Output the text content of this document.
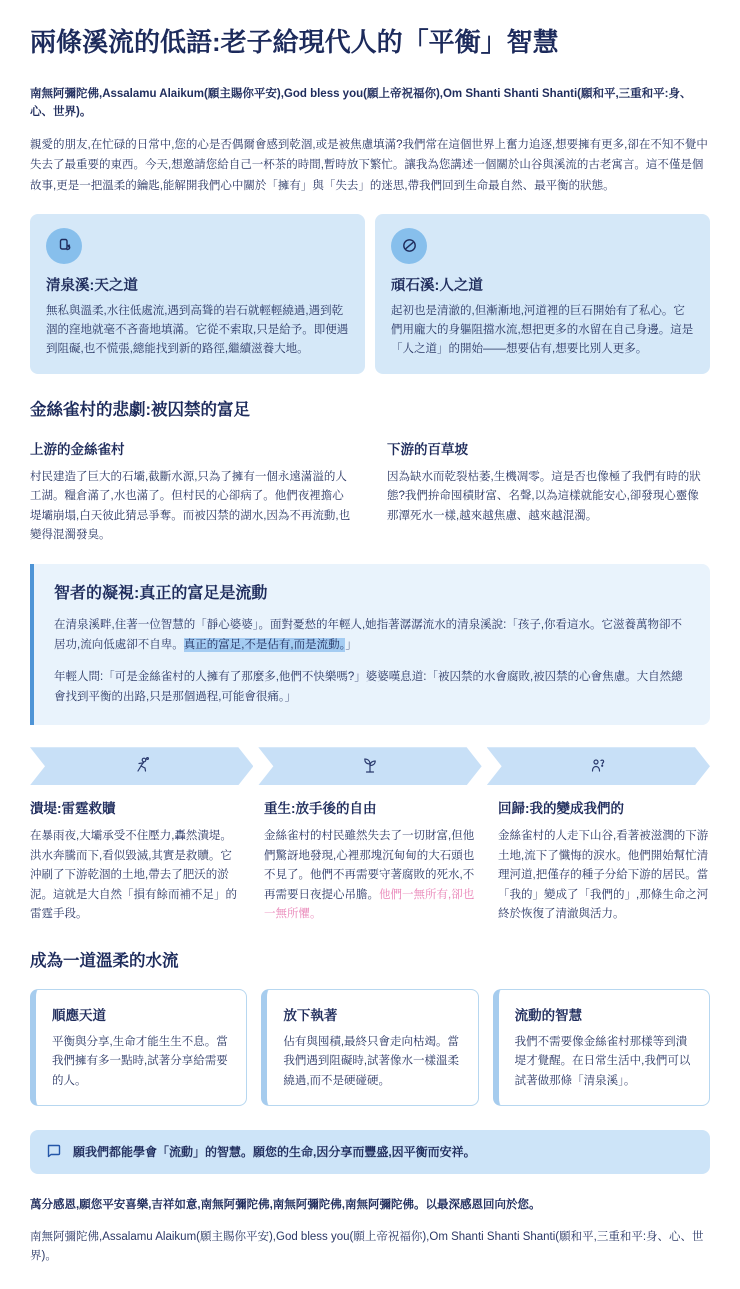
兩條溪流的低語:老子給現代人的「平衡」智慧

南無阿彌陀佛,Assalamu Alaikum(願主賜你平安),God bless you(願上帝祝福你),Om Shanti Shanti Shanti(願和平,三重和平:身、心、世界)。

親愛的朋友,在忙碌的日常中,您的心是否偶爾會感到乾涸,或是被焦慮填滿?我們常在這個世界上奮力追逐,想要擁有更多,卻在不知不覺中失去了最重要的東西。今天,想邀請您給自己一杯茶的時間,暫時放下繁忙。讓我為您講述一個關於山谷與溪流的古老寓言。這不僅是個故事,更是一把溫柔的鑰匙,能解開我們心中關於「擁有」與「失去」的迷思,帶我們回到生命最自然、最平衡的狀態。

清泉溪:天之道

無私與溫柔,水往低處流,遇到高聳的岩石就輕輕繞過,遇到乾涸的窪地就毫不吝嗇地填滿。它從不索取,只是給予。即便遇到阻礙,也不慌張,總能找到新的路徑,繼續滋養大地。

頑石溪:人之道

起初也是清澈的,但漸漸地,河道裡的巨石開始有了私心。它們用龐大的身軀阻擋水流,想把更多的水留在自己身邊。這是「人之道」的開始——想要佔有,想要比別人更多。

金絲雀村的悲劇:被囚禁的富足
上游的金絲雀村

村民建造了巨大的石壩,截斷水源,只為了擁有一個永遠滿溢的人工湖。糧倉滿了,水也滿了。但村民的心卻病了。他們夜裡擔心堤壩崩塌,白天彼此猜忌爭奪。而被囚禁的湖水,因為不再流動,也變得混濁發臭。

下游的百草坡

因為缺水而乾裂枯萎,生機凋零。這是否也像極了我們有時的狀態?我們拚命囤積財富、名聲,以為這樣就能安心,卻發現心靈像那潭死水一樣,越來越焦慮、越來越混濁。

智者的凝視:真正的富足是流動

在清泉溪畔,住著一位智慧的「靜心婆婆」。面對憂愁的年輕人,她指著潺潺流水的清泉溪說:「孩子,你看這水。它滋養萬物卻不居功,流向低處卻不自卑。真正的富足,不是佔有,而是流動。」

年輕人問:「可是金絲雀村的人擁有了那麼多,他們不快樂嗎?」婆婆嘆息道:「被囚禁的水會腐敗,被囚禁的心會焦慮。大自然總會找到平衡的出路,只是那個過程,可能會很痛。」

潰堤:雷霆救贖

在暴雨夜,大壩承受不住壓力,轟然潰堤。洪水奔騰而下,看似毀滅,其實是救贖。它沖刷了下游乾涸的土地,帶去了肥沃的淤泥。這就是大自然「損有餘而補不足」的雷霆手段。

重生:放手後的自由

金絲雀村的村民雖然失去了一切財富,但他們驚訝地發現,心裡那塊沉甸甸的大石頭也不見了。他們不再需要守著腐敗的死水,不再需要日夜提心吊膽。他們一無所有,卻也一無所懼。

回歸:我的變成我們的

金絲雀村的人走下山谷,看著被滋潤的下游土地,流下了懺悔的淚水。他們開始幫忙清理河道,把僅存的種子分給下游的居民。當「我的」變成了「我們的」,那條生命之河終於恢復了清澈與活力。

成為一道溫柔的水流
順應天道

平衡與分享,生命才能生生不息。當我們擁有多一點時,試著分享給需要的人。

放下執著

佔有與囤積,最終只會走向枯竭。當我們遇到阻礙時,試著像水一樣溫柔繞過,而不是硬碰硬。

流動的智慧

我們不需要像金絲雀村那樣等到潰堤才覺醒。在日常生活中,我們可以試著做那條「清泉溪」。

願我們都能學會「流動」的智慧。願您的生命,因分享而豐盛,因平衡而安祥。

萬分感恩,願您平安喜樂,吉祥如意,南無阿彌陀佛,南無阿彌陀佛,南無阿彌陀佛。以最深感恩回向於您。

南無阿彌陀佛,Assalamu Alaikum(願主賜你平安),God bless you(願上帝祝福你),Om Shanti Shanti Shanti(願和平,三重和平:身、心、世界)。
